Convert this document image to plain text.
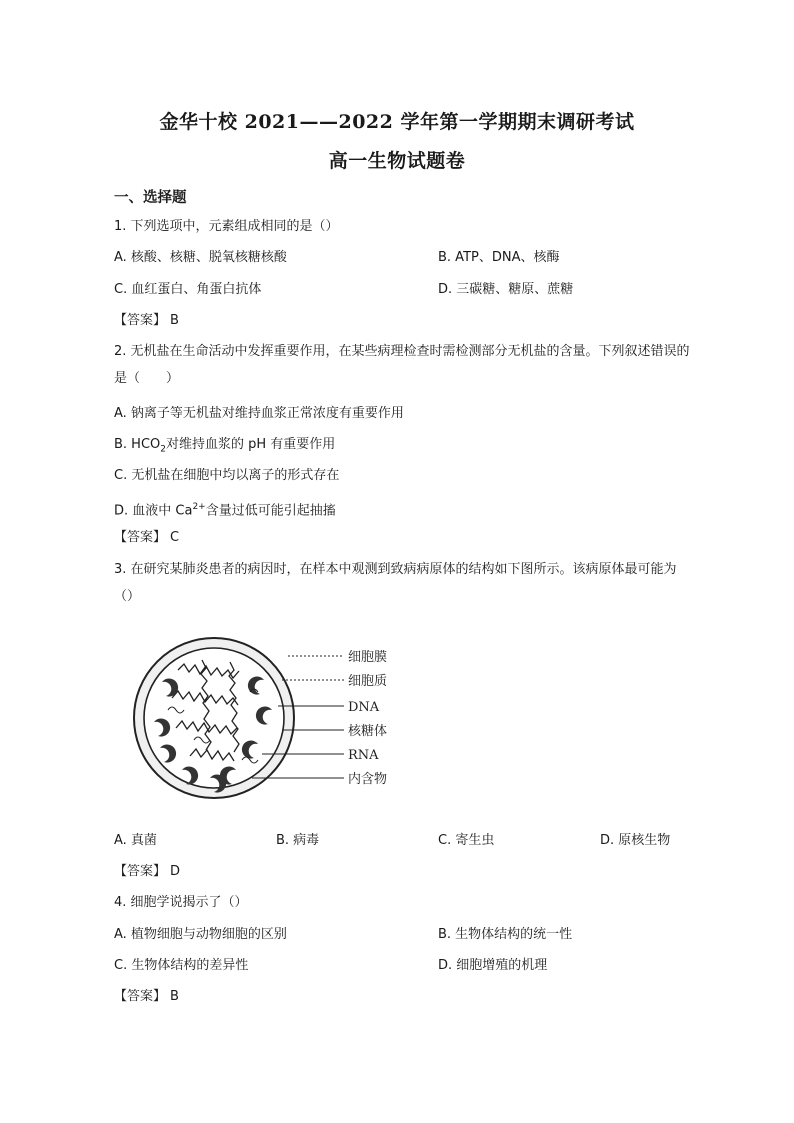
金华十校 2021——2022 学年第一学期期末调研考试
高一生物试题卷
一、选择题
1. 下列选项中，元素组成相同的是（）
A. 核酸、核糖、脱氧核糖核酸	B. ATP、DNA、核酶
C. 血红蛋白、角蛋白抗体	D. 三碳糖、糖原、蔗糖
【答案】 B
2. 无机盐在生命活动中发挥重要作用，在某些病理检查时需检测部分无机盐的含量。下列叙述错误的是（　　）
A. 钠离子等无机盐对维持血浆正常浓度有重要作用
B. $HCO_2$对维持血浆的 pH 有重要作用
C. 无机盐在细胞中均以离子的形式存在
D. 血液中 $Ca^{2+}$含量过低可能引起抽搐
【答案】 C
3. 在研究某肺炎患者的病因时，在样本中观测到致病病原体的结构如下图所示。该病原体最可能为（）
细胞膜
细胞质
DNA
核糖体
RNA
内含物
A. 真菌	B. 病毒	C. 寄生虫	D. 原核生物
【答案】 D
4. 细胞学说揭示了（）
A. 植物细胞与动物细胞的区别	B. 生物体结构的统一性
C. 生物体结构的差异性	D. 细胞增殖的机理
【答案】 B
